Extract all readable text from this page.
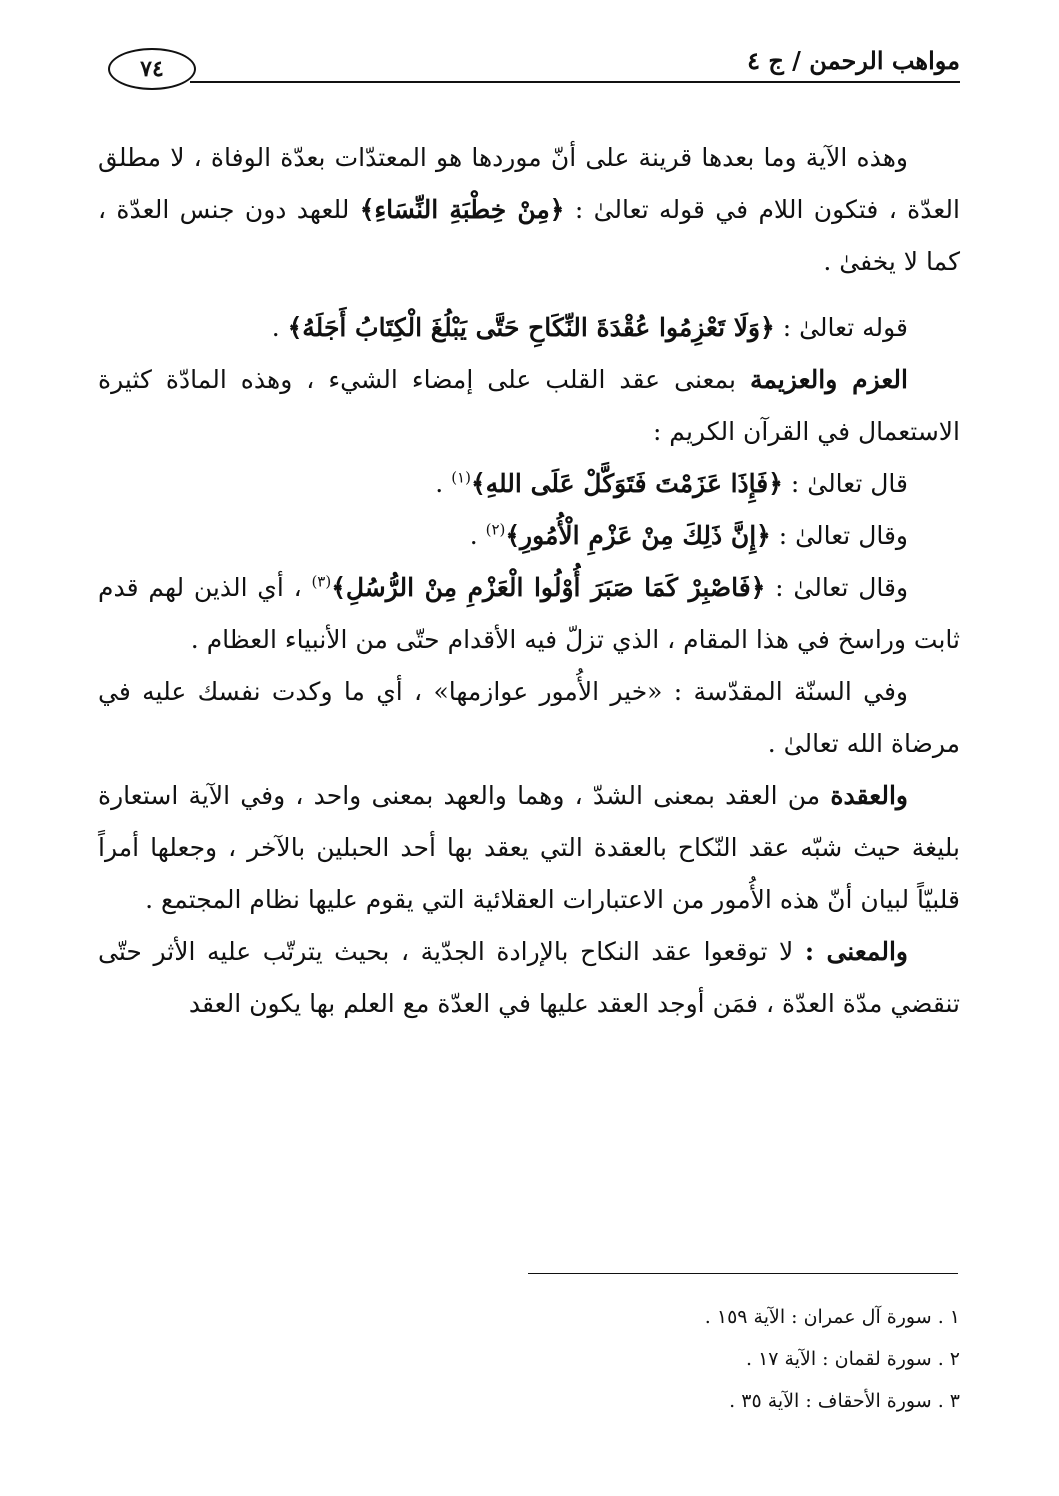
مواهب الرحمن / ج ٤
٧٤

وهذه الآية وما بعدها قرينة على أنّ موردها هو المعتدّات بعدّة الوفاة ، لا مطلق العدّة ، فتكون اللام في قوله تعالىٰ : ﴿مِنْ خِطْبَةِ النِّسَاءِ﴾ للعهد دون جنس العدّة ، كما لا يخفىٰ .

قوله تعالىٰ : ﴿وَلَا تَعْزِمُوا عُقْدَةَ النِّكَاحِ حَتَّى يَبْلُغَ الْكِتَابُ أَجَلَهُ﴾ .

العزم والعزيمة بمعنى عقد القلب على إمضاء الشيء ، وهذه المادّة كثيرة الاستعمال في القرآن الكريم :

قال تعالىٰ : ﴿فَإِذَا عَزَمْتَ فَتَوَكَّلْ عَلَى اللهِ﴾$^{(١)}$ .

وقال تعالىٰ : ﴿إِنَّ ذَلِكَ مِنْ عَزْمِ الْأُمُورِ﴾$^{(٢)}$ .

وقال تعالىٰ : ﴿فَاصْبِرْ كَمَا صَبَرَ أُوْلُوا الْعَزْمِ مِنْ الرُّسُلِ﴾$^{(٣)}$ ، أي الذين لهم قدم ثابت وراسخ في هذا المقام ، الذي تزلّ فيه الأقدام حتّى من الأنبياء العظام .

وفي السنّة المقدّسة : «خير الأُمور عوازمها» ، أي ما وكدت نفسك عليه في مرضاة الله تعالىٰ .

والعقدة من العقد بمعنى الشدّ ، وهما والعهد بمعنى واحد ، وفي الآية استعارة بليغة حيث شبّه عقد النّكاح بالعقدة التي يعقد بها أحد الحبلين بالآخر ، وجعلها أمراً قلبيّاً لبيان أنّ هذه الأُمور من الاعتبارات العقلائية التي يقوم عليها نظام المجتمع .

والمعنى : لا توقعوا عقد النكاح بالإرادة الجدّية ، بحيث يترتّب عليه الأثر حتّى تنقضي مدّة العدّة ، فمَن أوجد العقد عليها في العدّة مع العلم بها يكون العقد

١ . سورة آل عمران : الآية ١٥٩ .

٢ . سورة لقمان : الآية ١٧ .

٣ . سورة الأحقاف : الآية ٣٥ .
